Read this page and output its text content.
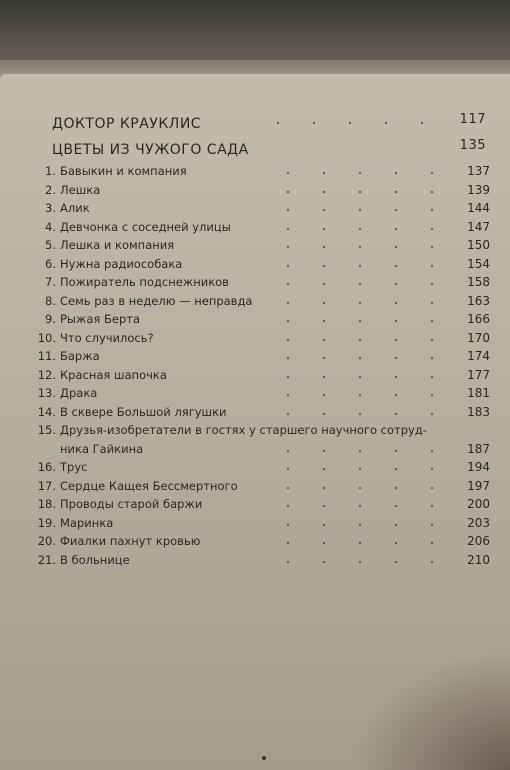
ДОКТОР КРАУКЛИС	117
ЦВЕТЫ ИЗ ЧУЖОГО САДА	135
1. Бавыкин и компания	137
2. Лешка	139
3. Алик	144
4. Девчонка с соседней улицы	147
5. Лешка и компания	150
6. Нужна радиособака	154
7. Пожиратель подснежников	158
8. Семь раз в неделю — неправда	163
9. Рыжая Берта	166
10. Что случилось?	170
11. Баржа	174
12. Красная шапочка	177
13. Драка	181
14. В сквере Большой лягушки	183
15. Друзья-изобретатели в гостях у старшего научного сотруд-
ника Гайкина	187
16. Трус	194
17. Сердце Кащея Бессмертного	197
18. Проводы старой баржи	200
19. Маринка	203
20. Фиалки пахнут кровью	206
21. В больнице	210
